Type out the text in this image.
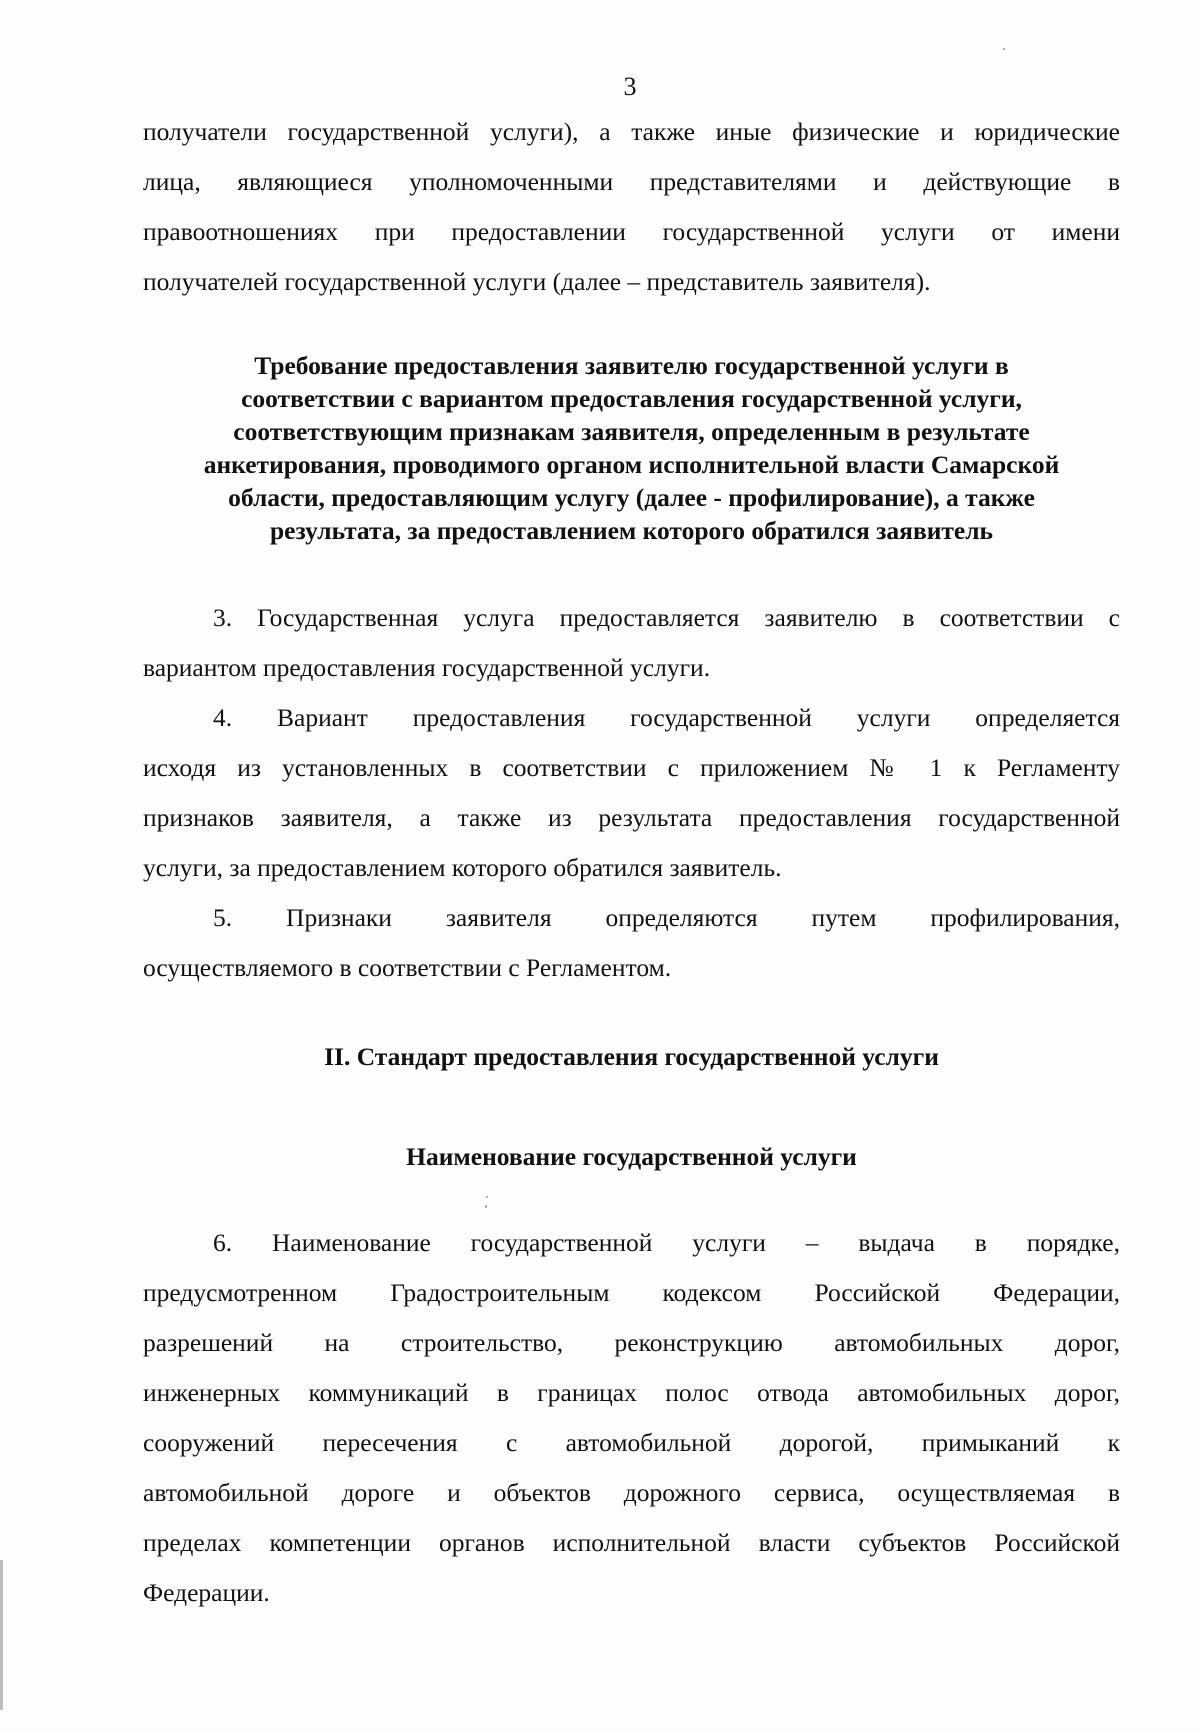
3
получатели государственной услуги), а также иные физические и юридические
лица, являющиеся уполномоченными представителями и действующие в
правоотношениях при предоставлении государственной услуги от имени
получателей государственной услуги (далее – представитель заявителя).
Требование предоставления заявителю государственной услуги в
соответствии с вариантом предоставления государственной услуги,
соответствующим признакам заявителя, определенным в результате
анкетирования, проводимого органом исполнительной власти Самарской
области, предоставляющим услугу (далее - профилирование), а также
результата, за предоставлением которого обратился заявитель
3. Государственная услуга предоставляется заявителю в соответствии с
вариантом предоставления государственной услуги.
4. Вариант предоставления государственной услуги определяется
исходя из установленных в соответствии с приложением № 1 к Регламенту
признаков заявителя, а также из результата предоставления государственной
услуги, за предоставлением которого обратился заявитель.
5. Признаки заявителя определяются путем профилирования,
осуществляемого в соответствии с Регламентом.
II. Стандарт предоставления государственной услуги
Наименование государственной услуги
6. Наименование государственной услуги – выдача в порядке,
предусмотренном Градостроительным кодексом Российской Федерации,
разрешений на строительство, реконструкцию автомобильных дорог,
инженерных коммуникаций в границах полос отвода автомобильных дорог,
сооружений пересечения с автомобильной дорогой, примыканий к
автомобильной дороге и объектов дорожного сервиса, осуществляемая в
пределах компетенции органов исполнительной власти субъектов Российской
Федерации.
